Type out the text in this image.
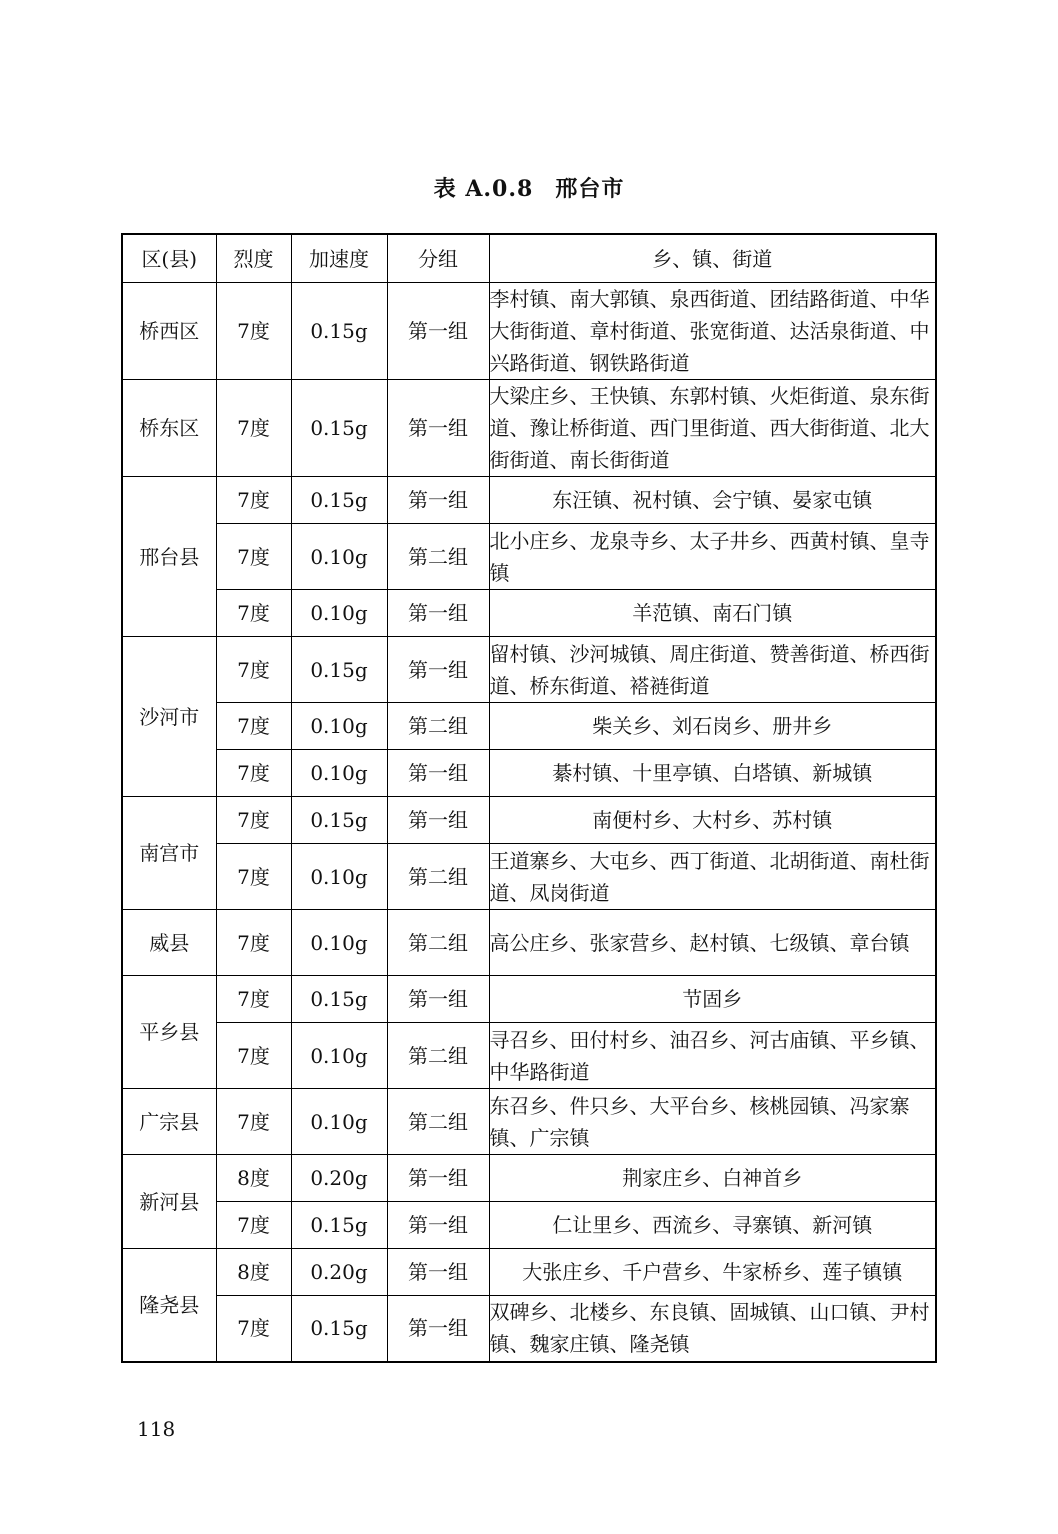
表 A.0.8 邢台市
区(县)	烈度	加速度	分组	乡、镇、街道
桥西区	7度	0.15g	第一组	李村镇、南大郭镇、泉西街道、团结路街道、中华大街街道、章村街道、张宽街道、达活泉街道、中兴路街道、钢铁路街道
桥东区	7度	0.15g	第一组	大梁庄乡、王快镇、东郭村镇、火炬街道、泉东街道、豫让桥街道、西门里街道、西大街街道、北大街街道、南长街街道
邢台县	7度	0.15g	第一组	东汪镇、祝村镇、会宁镇、晏家屯镇
	7度	0.10g	第二组	北小庄乡、龙泉寺乡、太子井乡、西黄村镇、皇寺镇
	7度	0.10g	第一组	羊范镇、南石门镇
沙河市	7度	0.15g	第一组	留村镇、沙河城镇、周庄街道、赞善街道、桥西街道、桥东街道、褡裢街道
	7度	0.10g	第二组	柴关乡、刘石岗乡、册井乡
	7度	0.10g	第一组	綦村镇、十里亭镇、白塔镇、新城镇
南宫市	7度	0.15g	第一组	南便村乡、大村乡、苏村镇
	7度	0.10g	第二组	王道寨乡、大屯乡、西丁街道、北胡街道、南杜街道、凤岗街道
威县	7度	0.10g	第二组	高公庄乡、张家营乡、赵村镇、七级镇、章台镇
平乡县	7度	0.15g	第一组	节固乡
	7度	0.10g	第二组	寻召乡、田付村乡、油召乡、河古庙镇、平乡镇、中华路街道
广宗县	7度	0.10g	第二组	东召乡、件只乡、大平台乡、核桃园镇、冯家寨镇、广宗镇
新河县	8度	0.20g	第一组	荆家庄乡、白神首乡
	7度	0.15g	第一组	仁让里乡、西流乡、寻寨镇、新河镇
隆尧县	8度	0.20g	第一组	大张庄乡、千户营乡、牛家桥乡、莲子镇镇
	7度	0.15g	第一组	双碑乡、北楼乡、东良镇、固城镇、山口镇、尹村镇、魏家庄镇、隆尧镇
118
